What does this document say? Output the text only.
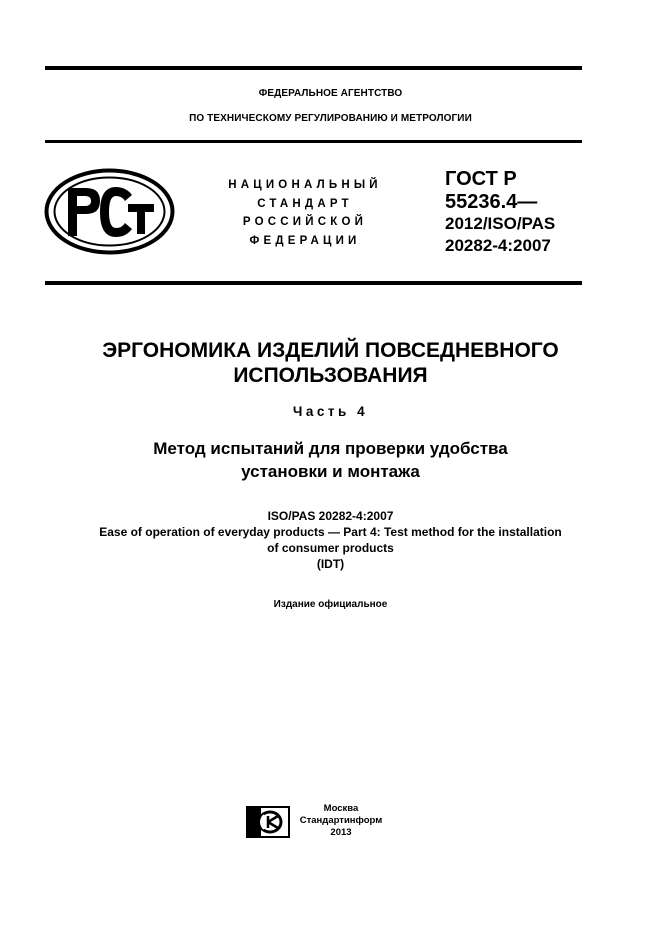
ФЕДЕРАЛЬНОЕ АГЕНТСТВО
ПО ТЕХНИЧЕСКОМУ РЕГУЛИРОВАНИЮ И МЕТРОЛОГИИ
НАЦИОНАЛЬНЫЙ
СТАНДАРТ
РОССИЙСКОЙ
ФЕДЕРАЦИИ
ГОСТ Р
55236.4—
2012/ISO/PAS
20282-4:2007
ЭРГОНОМИКА ИЗДЕЛИЙ ПОВСЕДНЕВНОГО
ИСПОЛЬЗОВАНИЯ
Часть 4
Метод испытаний для проверки удобства
установки и монтажа
ISO/PAS 20282-4:2007
Ease of operation of everyday products — Part 4: Test method for the installation
of consumer products
(IDT)
Издание официальное
Москва
Стандартинформ
2013
